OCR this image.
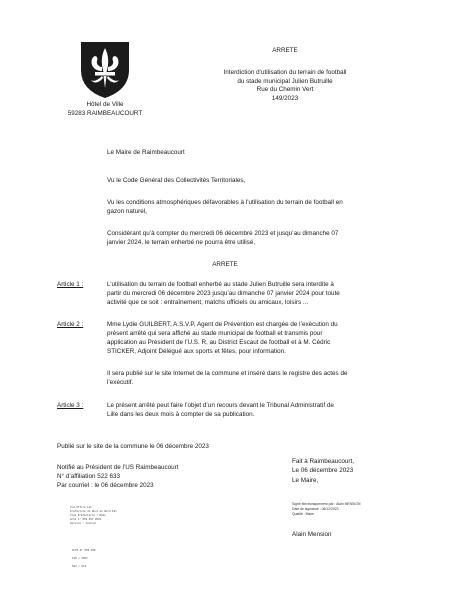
Hôtel de Ville
59283 RAIMBEAUCOURT
ARRETE
Interdiction d’utilisation du terrain de football
du stade municipal Julien Butruille
Rue du Chemin Vert
149/2023
Le Maire de Raimbeaucourt
Vu le Code Général des Collectivités Territoriales,
Vu les conditions atmosphériques défavorables à l’utilisation du terrain de football en
gazon naturel,
Considérant qu’à compter du mercredi 06 décembre 2023 et jusqu’au dimanche 07
janvier 2024, le terrain enherbé ne pourra être utilisé,
ARRETE
Article 1 :	L’utilisation du terrain de football enherbé au stade Julien Butruille sera interdite à
partir du mercredi 06 décembre 2023 jusqu’au dimanche 07 janvier 2024 pour toute
activité que ce soit : entraînement, matchs officiels ou amicaux, loisirs ...
Article 2 :	Mme Lydie GUILBERT, A.S.V.P, Agent de Prévention est chargée de l’exécution du
présent arrêté qui sera affiché au stade municipal de football et transmis pour
application au Président de l’U.S. R, au District Escaut de football et à M. Cédric
STICKER, Adjoint Délégué aux sports et fêtes, pour information.
Il sera publié sur le site Internet de la commune et inséré dans le registre des actes de
l’exécutif.
Article 3 :	Le présent arrêté peut faire l’objet d’un recours devant le Tribunal Administratif de
Lille dans les deux mois à compter de sa publication.
Publié sur le site de la commune le 06 décembre 2023
Notifié au Président de l’US Raimbeaucourt
N° d’affiliation 522 633
Par courriel : le 06 décembre 2023
Fait à Raimbeaucourt,
Le 06 décembre 2023
Le Maire,
Signé électroniquement par : Alain MENSION
Date de signature : 06/12/2023
Qualité : Maire
Alain Mension
Via Office Lat
Préfecture du Nord et Nord Est
Visa Préfectoral / DGCL
Acte n° 059 497 2023
Service : Central
ACTE N° 059 498
149 / 2023
522 / 633
